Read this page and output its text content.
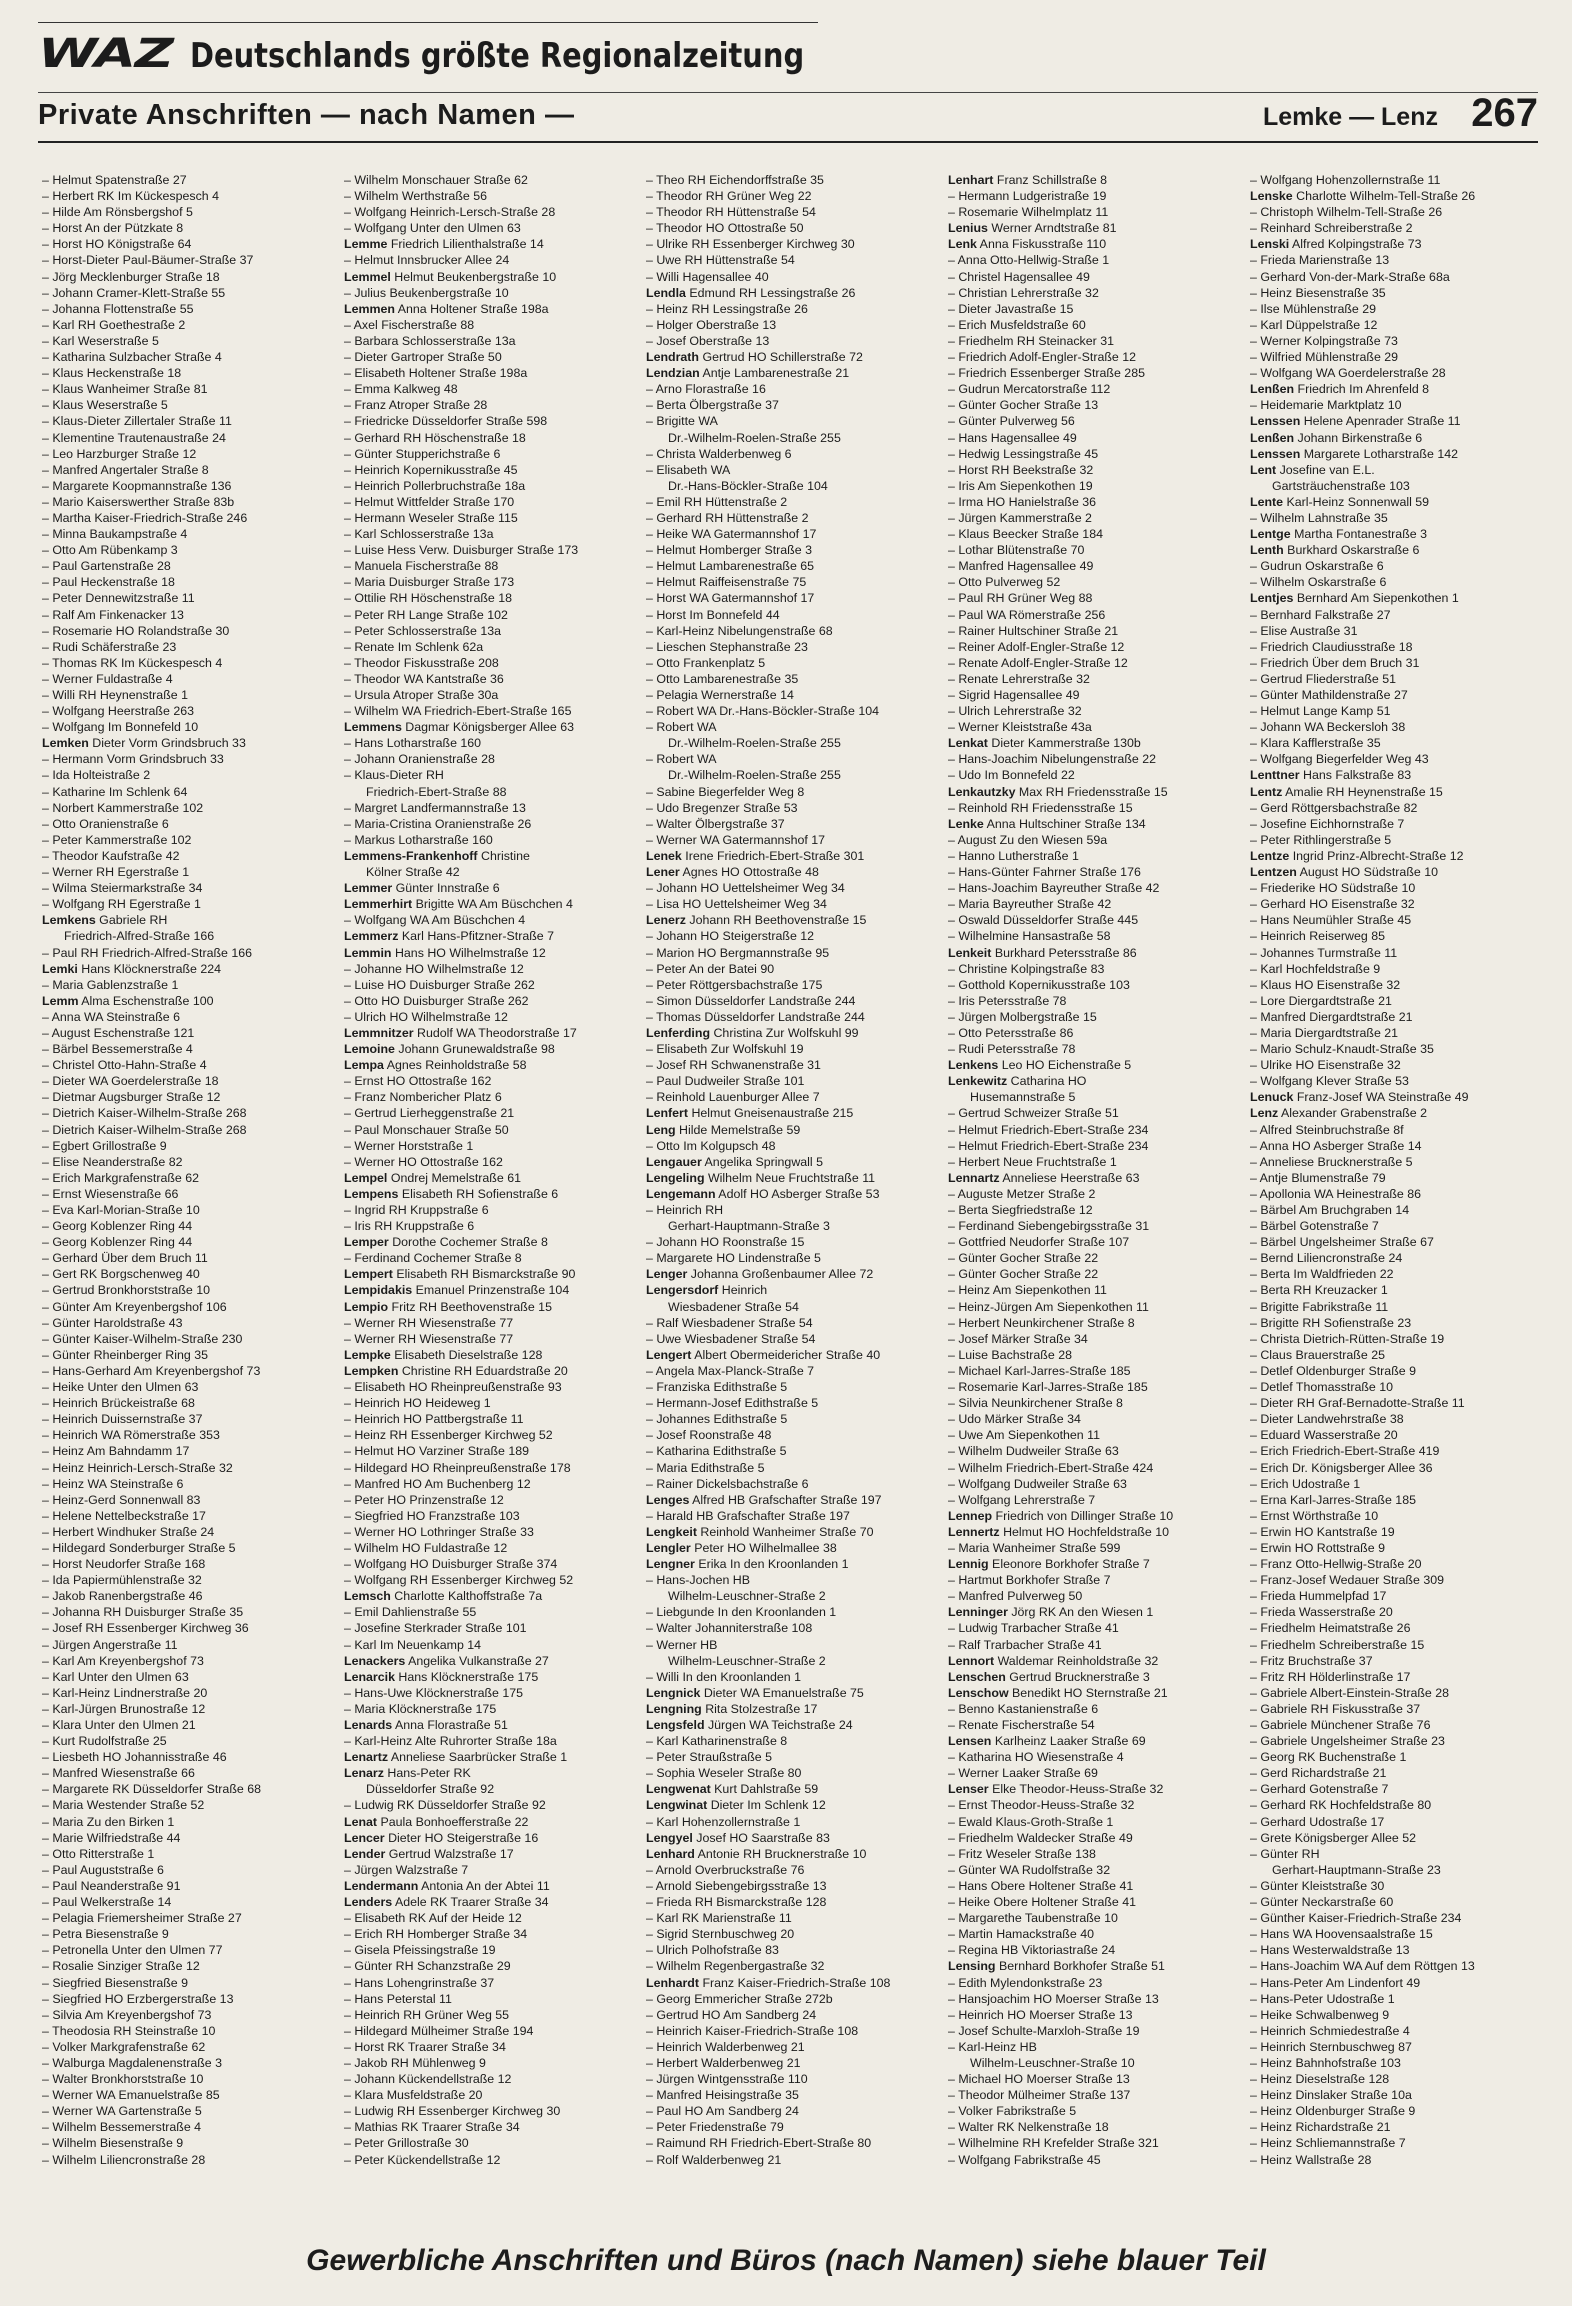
WAZ Deutschlands größte Regionalzeitung
Private Anschriften — nach Namen —	Lemke — Lenz 267
– Helmut Spatenstraße 27
– Herbert RK Im Kückespesch 4
– Hilde Am Rönsbergshof 5
– Horst An der Pützkate 8
– Horst HO Königstraße 64
– Horst-Dieter Paul-Bäumer-Straße 37
– Jörg Mecklenburger Straße 18
– Johann Cramer-Klett-Straße 55
– Johanna Flottenstraße 55
– Karl RH Goethestraße 2
– Karl Weserstraße 5
– Katharina Sulzbacher Straße 4
– Klaus Heckenstraße 18
– Klaus Wanheimer Straße 81
– Klaus Weserstraße 5
– Klaus-Dieter Zillertaler Straße 11
– Klementine Trautenaustraße 24
– Leo Harzburger Straße 12
– Manfred Angertaler Straße 8
– Margarete Koopmannstraße 136
– Mario Kaiserswerther Straße 83b
– Martha Kaiser-Friedrich-Straße 246
– Minna Baukampstraße 4
– Otto Am Rübenkamp 3
– Paul Gartenstraße 28
– Paul Heckenstraße 18
– Peter Dennewitzstraße 11
– Ralf Am Finkenacker 13
– Rosemarie HO Rolandstraße 30
– Rudi Schäferstraße 23
– Thomas RK Im Kückespesch 4
– Werner Fuldastraße 4
– Willi RH Heynenstraße 1
– Wolfgang Heerstraße 263
– Wolfgang Im Bonnefeld 10
Lemken Dieter Vorm Grindsbruch 33
– Hermann Vorm Grindsbruch 33
– Ida Holteistraße 2
– Katharine Im Schlenk 64
– Norbert Kammerstraße 102
– Otto Oranienstraße 6
– Peter Kammerstraße 102
– Theodor Kaufstraße 42
– Werner RH Egerstraße 1
– Wilma Steiermarkstraße 34
– Wolfgang RH Egerstraße 1
Lemkens Gabriele RH
Friedrich-Alfred-Straße 166
– Paul RH Friedrich-Alfred-Straße 166
Lemki Hans Klöcknerstraße 224
– Maria Gablenzstraße 1
Lemm Alma Eschenstraße 100
– Anna WA Steinstraße 6
– August Eschenstraße 121
– Bärbel Bessemerstraße 4
– Christel Otto-Hahn-Straße 4
– Dieter WA Goerdelerstraße 18
– Dietmar Augsburger Straße 12
– Dietrich Kaiser-Wilhelm-Straße 268
– Dietrich Kaiser-Wilhelm-Straße 268
– Egbert Grillostraße 9
– Elise Neanderstraße 82
– Erich Markgrafenstraße 62
– Ernst Wiesenstraße 66
– Eva Karl-Morian-Straße 10
– Georg Koblenzer Ring 44
– Georg Koblenzer Ring 44
– Gerhard Über dem Bruch 11
– Gert RK Borgschenweg 40
– Gertrud Bronkhorststraße 10
– Günter Am Kreyenbergshof 106
– Günter Haroldstraße 43
– Günter Kaiser-Wilhelm-Straße 230
– Günter Rheinberger Ring 35
– Hans-Gerhard Am Kreyenbergshof 73
– Heike Unter den Ulmen 63
– Heinrich Brückeistraße 68
– Heinrich Duissernstraße 37
– Heinrich WA Römerstraße 353
– Heinz Am Bahndamm 17
– Heinz Heinrich-Lersch-Straße 32
– Heinz WA Steinstraße 6
– Heinz-Gerd Sonnenwall 83
– Helene Nettelbeckstraße 17
– Herbert Windhuker Straße 24
– Hildegard Sonderburger Straße 5
– Horst Neudorfer Straße 168
– Ida Papiermühlenstraße 32
– Jakob Ranenbergstraße 46
– Johanna RH Duisburger Straße 35
– Josef RH Essenberger Kirchweg 36
– Jürgen Angerstraße 11
– Karl Am Kreyenbergshof 73
– Karl Unter den Ulmen 63
– Karl-Heinz Lindnerstraße 20
– Karl-Jürgen Brunostraße 12
– Klara Unter den Ulmen 21
– Kurt Rudolfstraße 25
– Liesbeth HO Johannisstraße 46
– Manfred Wiesenstraße 66
– Margarete RK Düsseldorfer Straße 68
– Maria Westender Straße 52
– Maria Zu den Birken 1
– Marie Wilfriedstraße 44
– Otto Ritterstraße 1
– Paul Auguststraße 6
– Paul Neanderstraße 91
– Paul Welkerstraße 14
– Pelagia Friemersheimer Straße 27
– Petra Biesenstraße 9
– Petronella Unter den Ulmen 77
– Rosalie Sinziger Straße 12
– Siegfried Biesenstraße 9
– Siegfried HO Erzbergerstraße 13
– Silvia Am Kreyenbergshof 73
– Theodosia RH Steinstraße 10
– Volker Markgrafenstraße 62
– Walburga Magdalenenstraße 3
– Walter Bronkhorststraße 10
– Werner WA Emanuelstraße 85
– Werner WA Gartenstraße 5
– Wilhelm Bessemerstraße 4
– Wilhelm Biesenstraße 9
– Wilhelm Liliencronstraße 28
– Wilhelm Monschauer Straße 62
– Wilhelm Werthstraße 56
– Wolfgang Heinrich-Lersch-Straße 28
– Wolfgang Unter den Ulmen 63
Lemme Friedrich Lilienthalstraße 14
– Helmut Innsbrucker Allee 24
Lemmel Helmut Beukenbergstraße 10
– Julius Beukenbergstraße 10
Lemmen Anna Holtener Straße 198a
– Axel Fischerstraße 88
– Barbara Schlosserstraße 13a
– Dieter Gartroper Straße 50
– Elisabeth Holtener Straße 198a
– Emma Kalkweg 48
– Franz Atroper Straße 28
– Friedricke Düsseldorfer Straße 598
– Gerhard RH Höschenstraße 18
– Günter Stupperichstraße 6
– Heinrich Kopernikusstraße 45
– Heinrich Pollerbruchstraße 18a
– Helmut Wittfelder Straße 170
– Hermann Weseler Straße 115
– Karl Schlosserstraße 13a
– Luise Hess Verw. Duisburger Straße 173
– Manuela Fischerstraße 88
– Maria Duisburger Straße 173
– Ottilie RH Höschenstraße 18
– Peter RH Lange Straße 102
– Peter Schlosserstraße 13a
– Renate Im Schlenk 62a
– Theodor Fiskusstraße 208
– Theodor WA Kantstraße 36
– Ursula Atroper Straße 30a
– Wilhelm WA Friedrich-Ebert-Straße 165
Lemmens Dagmar Königsberger Allee 63
– Hans Lotharstraße 160
– Johann Oranienstraße 28
– Klaus-Dieter RH
Friedrich-Ebert-Straße 88
– Margret Landfermannstraße 13
– Maria-Cristina Oranienstraße 26
– Markus Lotharstraße 160
Lemmens-Frankenhoff Christine
Kölner Straße 42
Lemmer Günter Innstraße 6
Lemmerhirt Brigitte WA Am Büschchen 4
– Wolfgang WA Am Büschchen 4
Lemmerz Karl Hans-Pfitzner-Straße 7
Lemmin Hans HO Wilhelmstraße 12
– Johanne HO Wilhelmstraße 12
– Luise HO Duisburger Straße 262
– Otto HO Duisburger Straße 262
– Ulrich HO Wilhelmstraße 12
Lemmnitzer Rudolf WA Theodorstraße 17
Lemoine Johann Grunewaldstraße 98
Lempa Agnes Reinholdstraße 58
– Ernst HO Ottostraße 162
– Franz Nombericher Platz 6
– Gertrud Lierheggenstraße 21
– Paul Monschauer Straße 50
– Werner Horststraße 1
– Werner HO Ottostraße 162
Lempel Ondrej Memelstraße 61
Lempens Elisabeth RH Sofienstraße 6
– Ingrid RH Kruppstraße 6
– Iris RH Kruppstraße 6
Lemper Dorothe Cochemer Straße 8
– Ferdinand Cochemer Straße 8
Lempert Elisabeth RH Bismarckstraße 90
Lempidakis Emanuel Prinzenstraße 104
Lempio Fritz RH Beethovenstraße 15
– Werner RH Wiesenstraße 77
– Werner RH Wiesenstraße 77
Lempke Elisabeth Dieselstraße 128
Lempken Christine RH Eduardstraße 20
– Elisabeth HO Rheinpreußenstraße 93
– Heinrich HO Heideweg 1
– Heinrich HO Pattbergstraße 11
– Heinz RH Essenberger Kirchweg 52
– Helmut HO Varziner Straße 189
– Hildegard HO Rheinpreußenstraße 178
– Manfred HO Am Buchenberg 12
– Peter HO Prinzenstraße 12
– Siegfried HO Franzstraße 103
– Werner HO Lothringer Straße 33
– Wilhelm HO Fuldastraße 12
– Wolfgang HO Duisburger Straße 374
– Wolfgang RH Essenberger Kirchweg 52
Lemsch Charlotte Kalthoffstraße 7a
– Emil Dahlienstraße 55
– Josefine Sterkrader Straße 101
– Karl Im Neuenkamp 14
Lenackers Angelika Vulkanstraße 27
Lenarcik Hans Klöcknerstraße 175
– Hans-Uwe Klöcknerstraße 175
– Maria Klöcknerstraße 175
Lenards Anna Florastraße 51
– Karl-Heinz Alte Ruhrorter Straße 18a
Lenartz Anneliese Saarbrücker Straße 1
Lenarz Hans-Peter RK
Düsseldorfer Straße 92
– Ludwig RK Düsseldorfer Straße 92
Lenat Paula Bonhoefferstraße 22
Lencer Dieter HO Steigerstraße 16
Lender Gertrud Walzstraße 17
– Jürgen Walzstraße 7
Lendermann Antonia An der Abtei 11
Lenders Adele RK Traarer Straße 34
– Elisabeth RK Auf der Heide 12
– Erich RH Homberger Straße 34
– Gisela Pfeissingstraße 19
– Günter RH Schanzstraße 29
– Hans Lohengrinstraße 37
– Hans Peterstal 11
– Heinrich RH Grüner Weg 55
– Hildegard Mülheimer Straße 194
– Horst RK Traarer Straße 34
– Jakob RH Mühlenweg 9
– Johann Kückendellstraße 12
– Klara Musfeldstraße 20
– Ludwig RH Essenberger Kirchweg 30
– Mathias RK Traarer Straße 34
– Peter Grillostraße 30
– Peter Kückendellstraße 12
– Theo RH Eichendorffstraße 35
– Theodor RH Grüner Weg 22
– Theodor RH Hüttenstraße 54
– Theodor HO Ottostraße 50
– Ulrike RH Essenberger Kirchweg 30
– Uwe RH Hüttenstraße 54
– Willi Hagensallee 40
Lendla Edmund RH Lessingstraße 26
– Heinz RH Lessingstraße 26
– Holger Oberstraße 13
– Josef Oberstraße 13
Lendrath Gertrud HO Schillerstraße 72
Lendzian Antje Lambarenestraße 21
– Arno Florastraße 16
– Berta Ölbergstraße 37
– Brigitte WA
Dr.-Wilhelm-Roelen-Straße 255
– Christa Walderbenweg 6
– Elisabeth WA
Dr.-Hans-Böckler-Straße 104
– Emil RH Hüttenstraße 2
– Gerhard RH Hüttenstraße 2
– Heike WA Gatermannshof 17
– Helmut Homberger Straße 3
– Helmut Lambarenestraße 65
– Helmut Raiffeisenstraße 75
– Horst WA Gatermannshof 17
– Horst Im Bonnefeld 44
– Karl-Heinz Nibelungenstraße 68
– Lieschen Stephanstraße 23
– Otto Frankenplatz 5
– Otto Lambarenestraße 35
– Pelagia Wernerstraße 14
– Robert WA Dr.-Hans-Böckler-Straße 104
– Robert WA
Dr.-Wilhelm-Roelen-Straße 255
– Robert WA
Dr.-Wilhelm-Roelen-Straße 255
– Sabine Biegerfelder Weg 8
– Udo Bregenzer Straße 53
– Walter Ölbergstraße 37
– Werner WA Gatermannshof 17
Lenek Irene Friedrich-Ebert-Straße 301
Lener Agnes HO Ottostraße 48
– Johann HO Uettelsheimer Weg 34
– Lisa HO Uettelsheimer Weg 34
Lenerz Johann RH Beethovenstraße 15
– Johann HO Steigerstraße 12
– Marion HO Bergmannstraße 95
– Peter An der Batei 90
– Peter Röttgersbachstraße 175
– Simon Düsseldorfer Landstraße 244
– Thomas Düsseldorfer Landstraße 244
Lenferding Christina Zur Wolfskuhl 99
– Elisabeth Zur Wolfskuhl 19
– Josef RH Schwanenstraße 31
– Paul Dudweiler Straße 101
– Reinhold Lauenburger Allee 7
Lenfert Helmut Gneisenaustraße 215
Leng Hilde Memelstraße 59
– Otto Im Kolgupsch 48
Lengauer Angelika Springwall 5
Lengeling Wilhelm Neue Fruchtstraße 11
Lengemann Adolf HO Asberger Straße 53
– Heinrich RH
Gerhart-Hauptmann-Straße 3
– Johann HO Roonstraße 15
– Margarete HO Lindenstraße 5
Lenger Johanna Großenbaumer Allee 72
Lengersdorf Heinrich
Wiesbadener Straße 54
– Ralf Wiesbadener Straße 54
– Uwe Wiesbadener Straße 54
Lengert Albert Obermeidericher Straße 40
– Angela Max-Planck-Straße 7
– Franziska Edithstraße 5
– Hermann-Josef Edithstraße 5
– Johannes Edithstraße 5
– Josef Roonstraße 48
– Katharina Edithstraße 5
– Maria Edithstraße 5
– Rainer Dickelsbachstraße 6
Lenges Alfred HB Grafschafter Straße 197
– Harald HB Grafschafter Straße 197
Lengkeit Reinhold Wanheimer Straße 70
Lengler Peter HO Wilhelmallee 38
Lengner Erika In den Kroonlanden 1
– Hans-Jochen HB
Wilhelm-Leuschner-Straße 2
– Liebgunde In den Kroonlanden 1
– Walter Johanniterstraße 108
– Werner HB
Wilhelm-Leuschner-Straße 2
– Willi In den Kroonlanden 1
Lengnick Dieter WA Emanuelstraße 75
Lengning Rita Stolzestraße 17
Lengsfeld Jürgen WA Teichstraße 24
– Karl Katharinenstraße 8
– Peter Straußstraße 5
– Sophia Weseler Straße 80
Lengwenat Kurt Dahlstraße 59
Lengwinat Dieter Im Schlenk 12
– Karl Hohenzollernstraße 1
Lengyel Josef HO Saarstraße 83
Lenhard Antonie RH Brucknerstraße 10
– Arnold Overbruckstraße 76
– Arnold Siebengebirgsstraße 13
– Frieda RH Bismarckstraße 128
– Karl RK Marienstraße 11
– Sigrid Sternbuschweg 20
– Ulrich Polhofstraße 83
– Wilhelm Regenbergastraße 32
Lenhardt Franz Kaiser-Friedrich-Straße 108
– Georg Emmericher Straße 272b
– Gertrud HO Am Sandberg 24
– Heinrich Kaiser-Friedrich-Straße 108
– Heinrich Walderbenweg 21
– Herbert Walderbenweg 21
– Jürgen Wintgensstraße 110
– Manfred Heisingstraße 35
– Paul HO Am Sandberg 24
– Peter Friedenstraße 79
– Raimund RH Friedrich-Ebert-Straße 80
– Rolf Walderbenweg 21
Lenhart Franz Schillstraße 8
– Hermann Ludgeristraße 19
– Rosemarie Wilhelmplatz 11
Lenius Werner Arndtstraße 81
Lenk Anna Fiskusstraße 110
– Anna Otto-Hellwig-Straße 1
– Christel Hagensallee 49
– Christian Lehrerstraße 32
– Dieter Javastraße 15
– Erich Musfeldstraße 60
– Friedhelm RH Steinacker 31
– Friedrich Adolf-Engler-Straße 12
– Friedrich Essenberger Straße 285
– Gudrun Mercatorstraße 112
– Günter Gocher Straße 13
– Günter Pulverweg 56
– Hans Hagensallee 49
– Hedwig Lessingstraße 45
– Horst RH Beekstraße 32
– Iris Am Siepenkothen 19
– Irma HO Hanielstraße 36
– Jürgen Kammerstraße 2
– Klaus Beecker Straße 184
– Lothar Blütenstraße 70
– Manfred Hagensallee 49
– Otto Pulverweg 52
– Paul RH Grüner Weg 88
– Paul WA Römerstraße 256
– Rainer Hultschiner Straße 21
– Reiner Adolf-Engler-Straße 12
– Renate Adolf-Engler-Straße 12
– Renate Lehrerstraße 32
– Sigrid Hagensallee 49
– Ulrich Lehrerstraße 32
– Werner Kleiststraße 43a
Lenkat Dieter Kammerstraße 130b
– Hans-Joachim Nibelungenstraße 22
– Udo Im Bonnefeld 22
Lenkautzky Max RH Friedensstraße 15
– Reinhold RH Friedensstraße 15
Lenke Anna Hultschiner Straße 134
– August Zu den Wiesen 59a
– Hanno Lutherstraße 1
– Hans-Günter Fahrner Straße 176
– Hans-Joachim Bayreuther Straße 42
– Maria Bayreuther Straße 42
– Oswald Düsseldorfer Straße 445
– Wilhelmine Hansastraße 58
Lenkeit Burkhard Petersstraße 86
– Christine Kolpingstraße 83
– Gotthold Kopernikusstraße 103
– Iris Petersstraße 78
– Jürgen Molbergstraße 15
– Otto Petersstraße 86
– Rudi Petersstraße 78
Lenkens Leo HO Eichenstraße 5
Lenkewitz Catharina HO
Husemannstraße 5
– Gertrud Schweizer Straße 51
– Helmut Friedrich-Ebert-Straße 234
– Helmut Friedrich-Ebert-Straße 234
– Herbert Neue Fruchtstraße 1
Lennartz Anneliese Heerstraße 63
– Auguste Metzer Straße 2
– Berta Siegfriedstraße 12
– Ferdinand Siebengebirgsstraße 31
– Gottfried Neudorfer Straße 107
– Günter Gocher Straße 22
– Günter Gocher Straße 22
– Heinz Am Siepenkothen 11
– Heinz-Jürgen Am Siepenkothen 11
– Herbert Neunkirchener Straße 8
– Josef Märker Straße 34
– Luise Bachstraße 28
– Michael Karl-Jarres-Straße 185
– Rosemarie Karl-Jarres-Straße 185
– Silvia Neunkirchener Straße 8
– Udo Märker Straße 34
– Uwe Am Siepenkothen 11
– Wilhelm Dudweiler Straße 63
– Wilhelm Friedrich-Ebert-Straße 424
– Wolfgang Dudweiler Straße 63
– Wolfgang Lehrerstraße 7
Lennep Friedrich von Dillinger Straße 10
Lennertz Helmut HO Hochfeldstraße 10
– Maria Wanheimer Straße 599
Lennig Eleonore Borkhofer Straße 7
– Hartmut Borkhofer Straße 7
– Manfred Pulverweg 50
Lenninger Jörg RK An den Wiesen 1
– Ludwig Trarbacher Straße 41
– Ralf Trarbacher Straße 41
Lennort Waldemar Reinholdstraße 32
Lenschen Gertrud Brucknerstraße 3
Lenschow Benedikt HO Sternstraße 21
– Benno Kastanienstraße 6
– Renate Fischerstraße 54
Lensen Karlheinz Laaker Straße 69
– Katharina HO Wiesenstraße 4
– Werner Laaker Straße 69
Lenser Elke Theodor-Heuss-Straße 32
– Ernst Theodor-Heuss-Straße 32
– Ewald Klaus-Groth-Straße 1
– Friedhelm Waldecker Straße 49
– Fritz Weseler Straße 138
– Günter WA Rudolfstraße 32
– Hans Obere Holtener Straße 41
– Heike Obere Holtener Straße 41
– Margarethe Taubenstraße 10
– Martin Hamackstraße 40
– Regina HB Viktoriastraße 24
Lensing Bernhard Borkhofer Straße 51
– Edith Mylendonkstraße 23
– Hansjoachim HO Moerser Straße 13
– Heinrich HO Moerser Straße 13
– Josef Schulte-Marxloh-Straße 19
– Karl-Heinz HB
Wilhelm-Leuschner-Straße 10
– Michael HO Moerser Straße 13
– Theodor Mülheimer Straße 137
– Volker Fabrikstraße 5
– Walter RK Nelkenstraße 18
– Wilhelmine RH Krefelder Straße 321
– Wolfgang Fabrikstraße 45
– Wolfgang Hohenzollernstraße 11
Lenske Charlotte Wilhelm-Tell-Straße 26
– Christoph Wilhelm-Tell-Straße 26
– Reinhard Schreiberstraße 2
Lenski Alfred Kolpingstraße 73
– Frieda Marienstraße 13
– Gerhard Von-der-Mark-Straße 68a
– Heinz Biesenstraße 35
– Ilse Mühlenstraße 29
– Karl Düppelstraße 12
– Werner Kolpingstraße 73
– Wilfried Mühlenstraße 29
– Wolfgang WA Goerdelerstraße 28
Lenßen Friedrich Im Ahrenfeld 8
– Heidemarie Marktplatz 10
Lenssen Helene Apenrader Straße 11
Lenßen Johann Birkenstraße 6
Lenssen Margarete Lotharstraße 142
Lent Josefine van E.L.
Gartsträuchenstraße 103
Lente Karl-Heinz Sonnenwall 59
– Wilhelm Lahnstraße 35
Lentge Martha Fontanestraße 3
Lenth Burkhard Oskarstraße 6
– Gudrun Oskarstraße 6
– Wilhelm Oskarstraße 6
Lentjes Bernhard Am Siepenkothen 1
– Bernhard Falkstraße 27
– Elise Austraße 31
– Friedrich Claudiusstraße 18
– Friedrich Über dem Bruch 31
– Gertrud Fliederstraße 51
– Günter Mathildenstraße 27
– Helmut Lange Kamp 51
– Johann WA Beckersloh 38
– Klara Kafflerstraße 35
– Wolfgang Biegerfelder Weg 43
Lenttner Hans Falkstraße 83
Lentz Amalie RH Heynenstraße 15
– Gerd Röttgersbachstraße 82
– Josefine Eichhornstraße 7
– Peter Rithlingerstraße 5
Lentze Ingrid Prinz-Albrecht-Straße 12
Lentzen August HO Südstraße 10
– Friederike HO Südstraße 10
– Gerhard HO Eisenstraße 32
– Hans Neumühler Straße 45
– Heinrich Reiserweg 85
– Johannes Turmstraße 11
– Karl Hochfeldstraße 9
– Klaus HO Eisenstraße 32
– Lore Diergardtstraße 21
– Manfred Diergardtstraße 21
– Maria Diergardtstraße 21
– Mario Schulz-Knaudt-Straße 35
– Ulrike HO Eisenstraße 32
– Wolfgang Klever Straße 53
Lenuck Franz-Josef WA Steinstraße 49
Lenz Alexander Grabenstraße 2
– Alfred Steinbruchstraße 8f
– Anna HO Asberger Straße 14
– Anneliese Brucknerstraße 5
– Antje Blumenstraße 79
– Apollonia WA Heinestraße 86
– Bärbel Am Bruchgraben 14
– Bärbel Gotenstraße 7
– Bärbel Ungelsheimer Straße 67
– Bernd Liliencronstraße 24
– Berta Im Waldfrieden 22
– Berta RH Kreuzacker 1
– Brigitte Fabrikstraße 11
– Brigitte RH Sofienstraße 23
– Christa Dietrich-Rütten-Straße 19
– Claus Brauerstraße 25
– Detlef Oldenburger Straße 9
– Detlef Thomasstraße 10
– Dieter RH Graf-Bernadotte-Straße 11
– Dieter Landwehrstraße 38
– Eduard Wasserstraße 20
– Erich Friedrich-Ebert-Straße 419
– Erich Dr. Königsberger Allee 36
– Erich Udostraße 1
– Erna Karl-Jarres-Straße 185
– Ernst Wörthstraße 10
– Erwin HO Kantstraße 19
– Erwin HO Rottstraße 9
– Franz Otto-Hellwig-Straße 20
– Franz-Josef Wedauer Straße 309
– Frieda Hummelpfad 17
– Frieda Wasserstraße 20
– Friedhelm Heimatstraße 26
– Friedhelm Schreiberstraße 15
– Fritz Bruchstraße 37
– Fritz RH Hölderlinstraße 17
– Gabriele Albert-Einstein-Straße 28
– Gabriele RH Fiskusstraße 37
– Gabriele Münchener Straße 76
– Gabriele Ungelsheimer Straße 23
– Georg RK Buchenstraße 1
– Gerd Richardstraße 21
– Gerhard Gotenstraße 7
– Gerhard RK Hochfeldstraße 80
– Gerhard Udostraße 17
– Grete Königsberger Allee 52
– Günter RH
Gerhart-Hauptmann-Straße 23
– Günter Kleiststraße 30
– Günter Neckarstraße 60
– Günther Kaiser-Friedrich-Straße 234
– Hans WA Hoovensaalstraße 15
– Hans Westerwaldstraße 13
– Hans-Joachim WA Auf dem Röttgen 13
– Hans-Peter Am Lindenfort 49
– Hans-Peter Udostraße 1
– Heike Schwalbenweg 9
– Heinrich Schmiedestraße 4
– Heinrich Sternbuschweg 87
– Heinz Bahnhofstraße 103
– Heinz Dieselstraße 128
– Heinz Dinslaker Straße 10a
– Heinz Oldenburger Straße 9
– Heinz Richardstraße 21
– Heinz Schliemannstraße 7
– Heinz Wallstraße 28
Gewerbliche Anschriften und Büros (nach Namen) siehe blauer Teil
